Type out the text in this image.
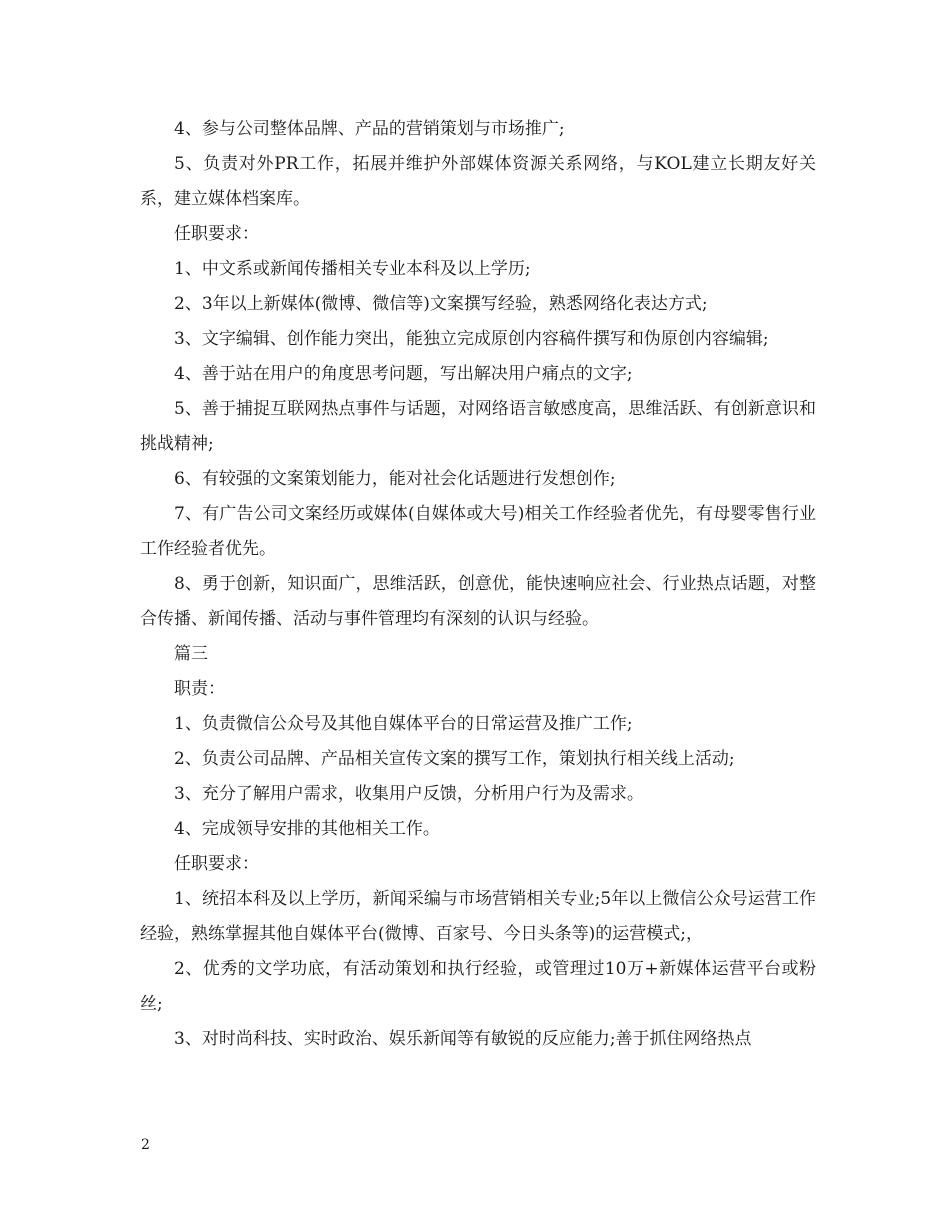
4、参与公司整体品牌、产品的营销策划与市场推广;

5、负责对外PR工作，拓展并维护外部媒体资源关系网络，与KOL建立长期友好关系，建立媒体档案库。

任职要求：

1、中文系或新闻传播相关专业本科及以上学历;

2、3年以上新媒体(微博、微信等)文案撰写经验，熟悉网络化表达方式;

3、文字编辑、创作能力突出，能独立完成原创内容稿件撰写和伪原创内容编辑;

4、善于站在用户的角度思考问题，写出解决用户痛点的文字;

5、善于捕捉互联网热点事件与话题，对网络语言敏感度高，思维活跃、有创新意识和挑战精神;

6、有较强的文案策划能力，能对社会化话题进行发想创作;

7、有广告公司文案经历或媒体(自媒体或大号)相关工作经验者优先，有母婴零售行业工作经验者优先。

8、勇于创新，知识面广，思维活跃，创意优，能快速响应社会、行业热点话题，对整合传播、新闻传播、活动与事件管理均有深刻的认识与经验。

篇三

职责：

1、负责微信公众号及其他自媒体平台的日常运营及推广工作;

2、负责公司品牌、产品相关宣传文案的撰写工作，策划执行相关线上活动;

3、充分了解用户需求，收集用户反馈，分析用户行为及需求。

4、完成领导安排的其他相关工作。

任职要求：

1、统招本科及以上学历，新闻采编与市场营销相关专业;5年以上微信公众号运营工作经验，熟练掌握其他自媒体平台(微博、百家号、今日头条等)的运营模式;，

2、优秀的文学功底，有活动策划和执行经验，或管理过10万+新媒体运营平台或粉丝;

3、对时尚科技、实时政治、娱乐新闻等有敏锐的反应能力;善于抓住网络热点

2
